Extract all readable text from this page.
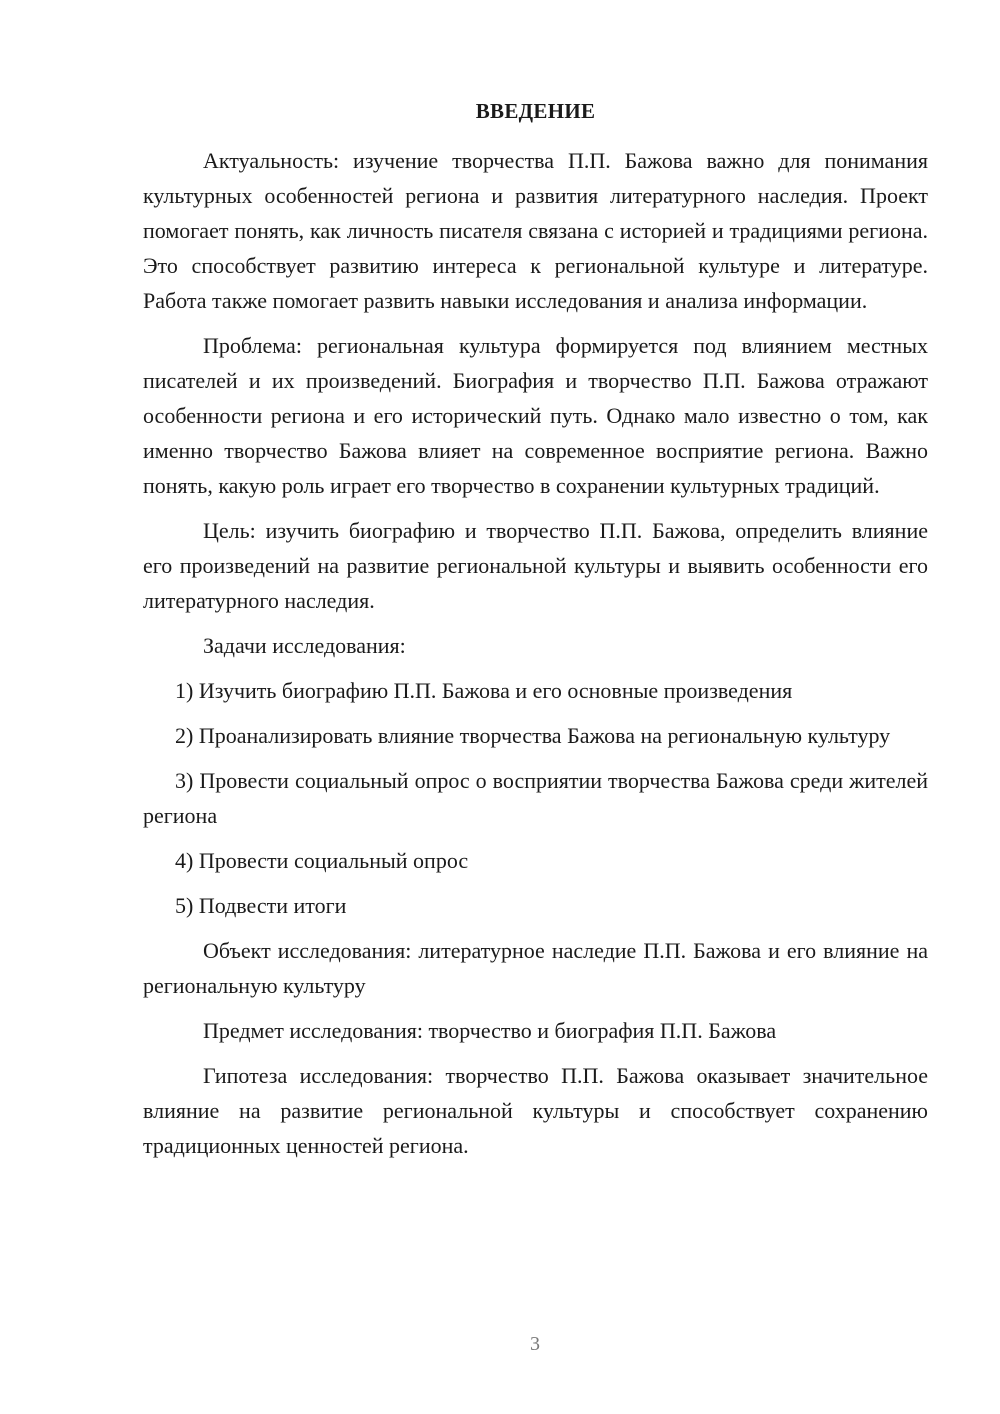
ВВЕДЕНИЕ

Актуальность: изучение творчества П.П. Бажова важно для понимания культурных особенностей региона и развития литературного наследия. Проект помогает понять, как личность писателя связана с историей и традициями региона. Это способствует развитию интереса к региональной культуре и литературе. Работа также помогает развить навыки исследования и анализа информации.

Проблема: региональная культура формируется под влиянием местных писателей и их произведений. Биография и творчество П.П. Бажова отражают особенности региона и его исторический путь. Однако мало известно о том, как именно творчество Бажова влияет на современное восприятие региона. Важно понять, какую роль играет его творчество в сохранении культурных традиций.

Цель: изучить биографию и творчество П.П. Бажова, определить влияние его произведений на развитие региональной культуры и выявить особенности его литературного наследия.

Задачи исследования:

1) Изучить биографию П.П. Бажова и его основные произведения

2) Проанализировать влияние творчества Бажова на региональную культуру

3) Провести социальный опрос о восприятии творчества Бажова среди жителей региона

4) Провести социальный опрос

5) Подвести итоги

Объект исследования: литературное наследие П.П. Бажова и его влияние на региональную культуру

Предмет исследования: творчество и биография П.П. Бажова

Гипотеза исследования: творчество П.П. Бажова оказывает значительное влияние на развитие региональной культуры и способствует сохранению традиционных ценностей региона.

3
